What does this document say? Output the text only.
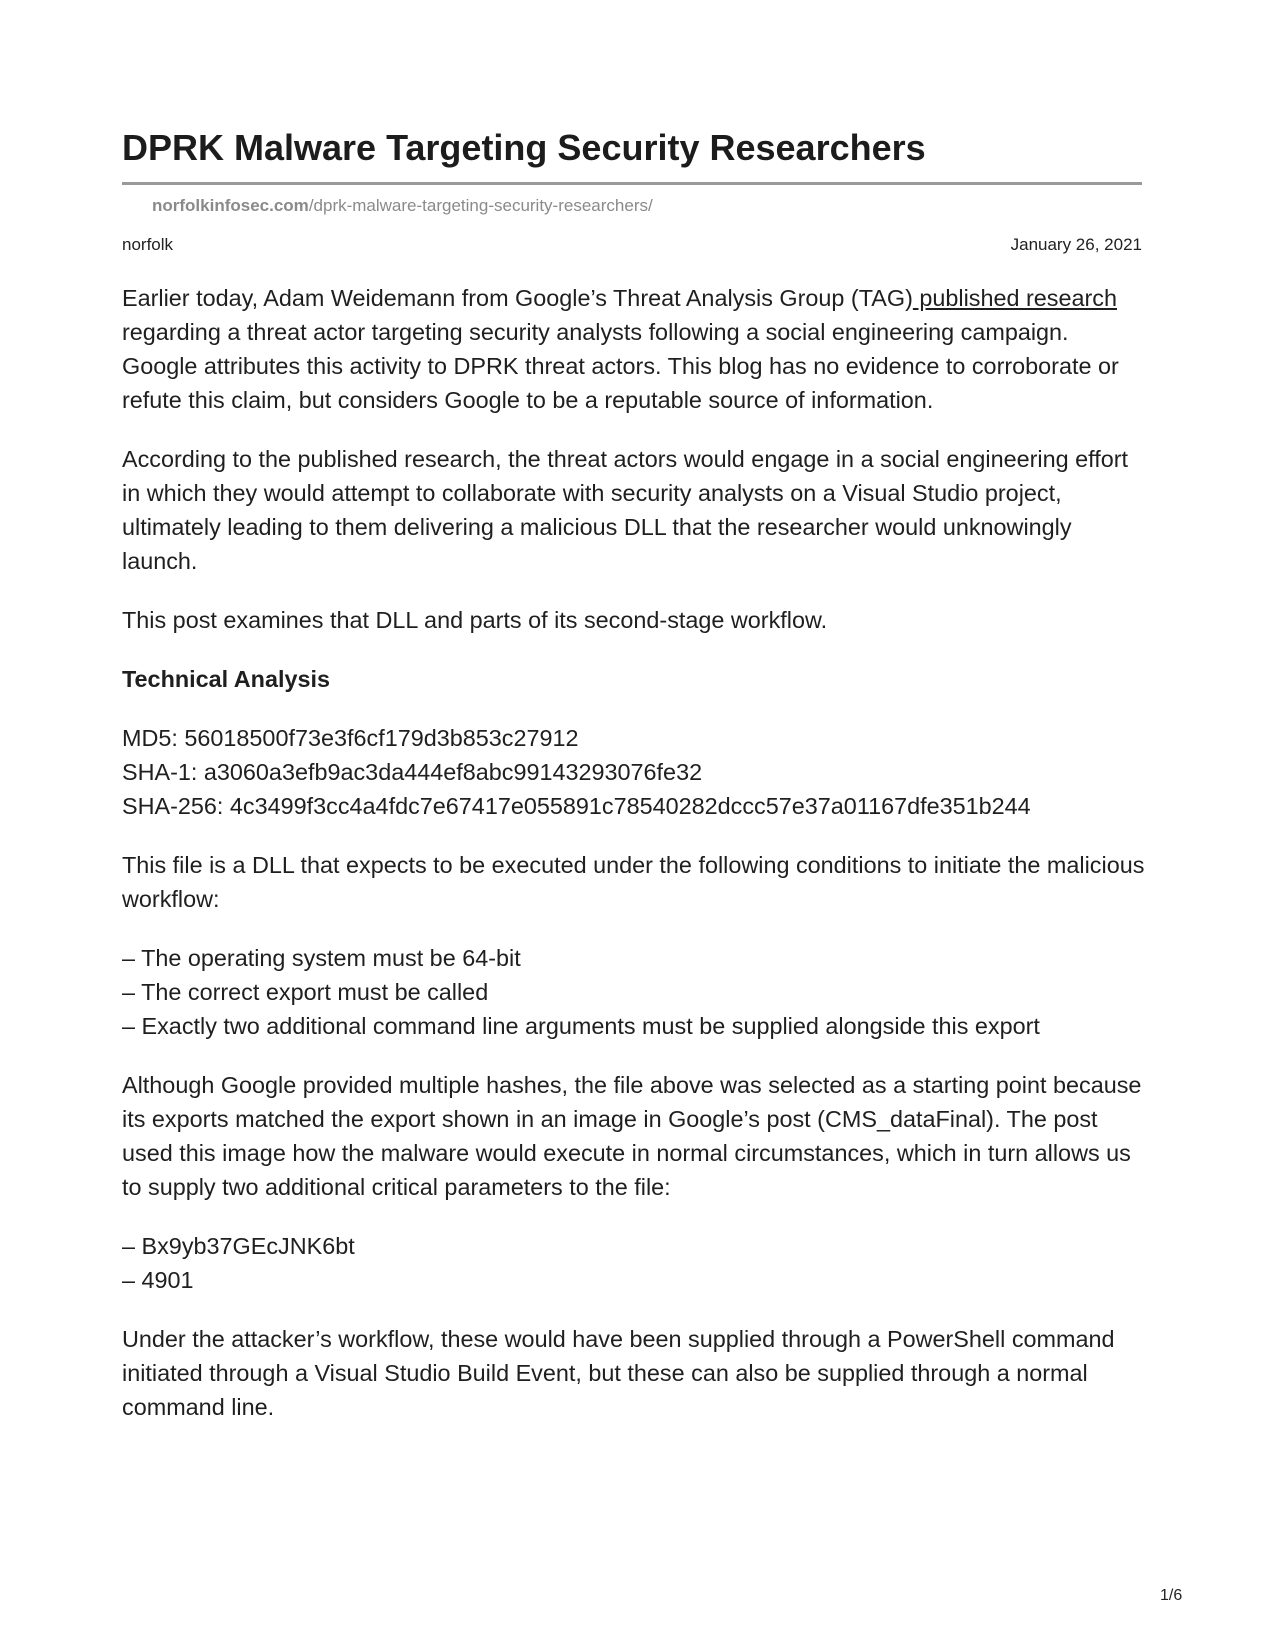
DPRK Malware Targeting Security Researchers
norfolkinfosec.com/dprk-malware-targeting-security-researchers/
norfolk	January 26, 2021

Earlier today, Adam Weidemann from Google’s Threat Analysis Group (TAG) published research regarding a threat actor targeting security analysts following a social engineering campaign. Google attributes this activity to DPRK threat actors. This blog has no evidence to corroborate or refute this claim, but considers Google to be a reputable source of information.

According to the published research, the threat actors would engage in a social engineering effort in which they would attempt to collaborate with security analysts on a Visual Studio project, ultimately leading to them delivering a malicious DLL that the researcher would unknowingly launch.

This post examines that DLL and parts of its second-stage workflow.

Technical Analysis

MD5: 56018500f73e3f6cf179d3b853c27912
SHA-1: a3060a3efb9ac3da444ef8abc99143293076fe32
SHA-256: 4c3499f3cc4a4fdc7e67417e055891c78540282dccc57e37a01167dfe351b244

This file is a DLL that expects to be executed under the following conditions to initiate the malicious workflow:

– The operating system must be 64-bit
– The correct export must be called
– Exactly two additional command line arguments must be supplied alongside this export

Although Google provided multiple hashes, the file above was selected as a starting point because its exports matched the export shown in an image in Google’s post (CMS_dataFinal). The post used this image how the malware would execute in normal circumstances, which in turn allows us to supply two additional critical parameters to the file:

– Bx9yb37GEcJNK6bt
– 4901

Under the attacker’s workflow, these would have been supplied through a PowerShell command initiated through a Visual Studio Build Event, but these can also be supplied through a normal command line.

1/6
